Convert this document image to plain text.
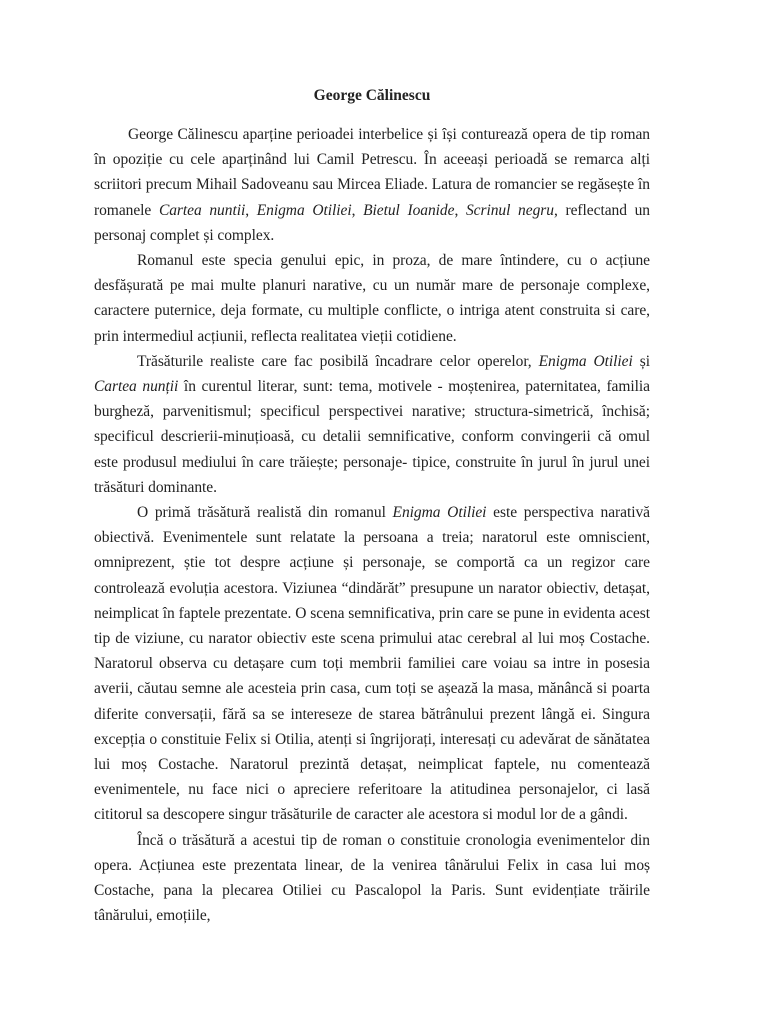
George Călinescu

George Călinescu aparține perioadei interbelice și își conturează opera de tip roman în opoziție cu cele aparținând lui Camil Petrescu. În aceeași perioadă se remarca alți scriitori precum Mihail Sadoveanu sau Mircea Eliade. Latura de romancier se regăsește în romanele Cartea nuntii, Enigma Otiliei, Bietul Ioanide, Scrinul negru, reflectand un personaj complet și complex.

Romanul este specia genului epic, in proza, de mare întindere, cu o acțiune desfășurată pe mai multe planuri narative, cu un număr mare de personaje complexe, caractere puternice, deja formate, cu multiple conflicte, o intriga atent construita si care, prin intermediul acțiunii, reflecta realitatea vieții cotidiene.

Trăsăturile realiste care fac posibilă încadrare celor operelor, Enigma Otiliei și Cartea nunții în curentul literar, sunt: tema, motivele - moștenirea, paternitatea, familia burgheză, parvenitismul; specificul perspectivei narative; structura-simetrică, închisă; specificul descrierii-minuțioasă, cu detalii semnificative, conform convingerii că omul este produsul mediului în care trăiește; personaje- tipice, construite în jurul în jurul unei trăsături dominante.

O primă trăsătură realistă din romanul Enigma Otiliei este perspectiva narativă obiectivă. Evenimentele sunt relatate la persoana a treia; naratorul este omniscient, omniprezent, știe tot despre acțiune și personaje, se comportă ca un regizor care controlează evoluția acestora. Viziunea “dindărăt” presupune un narator obiectiv, detașat, neimplicat în faptele prezentate. O scena semnificativa, prin care se pune in evidenta acest tip de viziune, cu narator obiectiv este scena primului atac cerebral al lui moș Costache. Naratorul observa cu detașare cum toți membrii familiei care voiau sa intre in posesia averii, căutau semne ale acesteia prin casa, cum toți se așează la masa, mănâncă si poarta diferite conversații, fără sa se intereseze de starea bătrânului prezent lângă ei. Singura excepția o constituie Felix si Otilia, atenți si îngrijorați, interesați cu adevărat de sănătatea lui moș Costache. Naratorul prezintă detașat, neimplicat faptele, nu comentează evenimentele, nu face nici o apreciere referitoare la atitudinea personajelor, ci lasă cititorul sa descopere singur trăsăturile de caracter ale acestora si modul lor de a gândi.

Încă o trăsătură a acestui tip de roman o constituie cronologia evenimentelor din opera. Acțiunea este prezentata linear, de la venirea tânărului Felix in casa lui moș Costache, pana la plecarea Otiliei cu Pascalopol la Paris. Sunt evidențiate trăirile tânărului, emoțiile,
